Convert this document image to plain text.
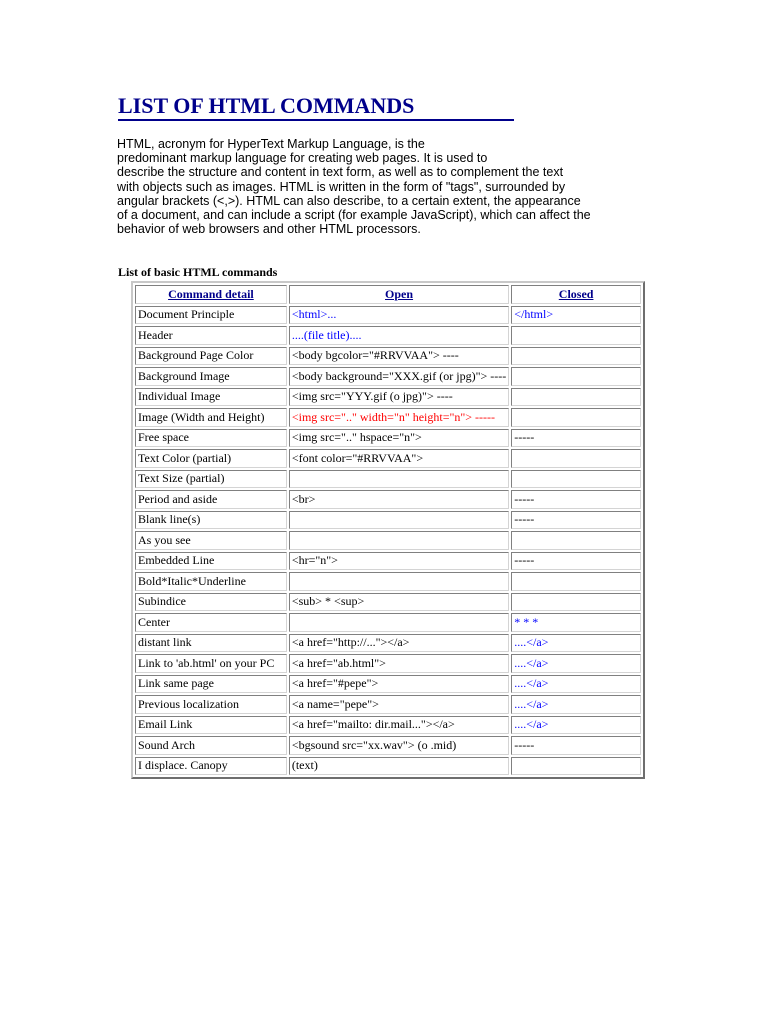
LIST OF HTML COMMANDS
HTML, acronym for HyperText Markup Language, is the
predominant markup language for creating web pages. It is used to
describe the structure and content in text form, as well as to complement the text
with objects such as images. HTML is written in the form of "tags", surrounded by
angular brackets (<,>). HTML can also describe, to a certain extent, the appearance
of a document, and can include a script (for example JavaScript), which can affect the
behavior of web browsers and other HTML processors.
List of basic HTML commands
Command detail	Open	Closed
Document Principle	<html>...	</html>
Header	....(file title)....	
Background Page Color	<body bgcolor="#RRVVAA"> ----	
Background Image	<body background="XXX.gif (or jpg)"> ----	
Individual Image	<img src="YYY.gif (o jpg)"> ----	
Image (Width and Height)	<img src=".." width="n" height="n"> -----	
Free space	<img src=".." hspace="n">	-----
Text Color (partial)	<font color="#RRVVAA">	
Text Size (partial)		
Period and aside	<br>	-----
Blank line(s)		-----
As you see		
Embedded Line	<hr="n">	-----
Bold*Italic*Underline		
Subindice	<sub> * <sup>	
Center		* * *
distant link	<a href="http://..."></a>	....</a>
Link to 'ab.html' on your PC	<a href="ab.html">	....</a>
Link same page	<a href="#pepe">	....</a>
Previous localization	<a name="pepe">	....</a>
Email Link	<a href="mailto: dir.mail..."></a>	....</a>
Sound Arch	<bgsound src="xx.wav"> (o .mid)	-----
I displace. Canopy	(text)	
